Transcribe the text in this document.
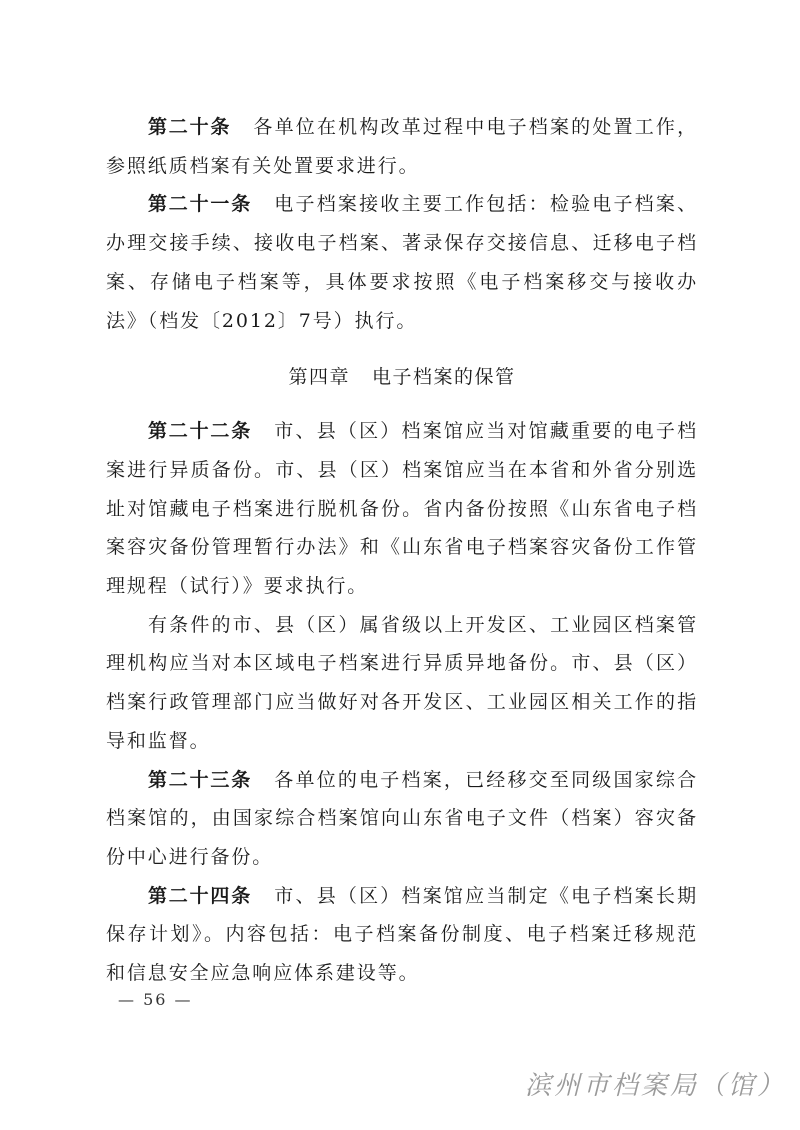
第二十条 各单位在机构改革过程中电子档案的处置工作，参照纸质档案有关处置要求进行。

第二十一条 电子档案接收主要工作包括：检验电子档案、办理交接手续、接收电子档案、著录保存交接信息、迁移电子档案、存储电子档案等，具体要求按照《电子档案移交与接收办法》（档发〔2012〕7号）执行。

第四章 电子档案的保管

第二十二条 市、县（区）档案馆应当对馆藏重要的电子档案进行异质备份。市、县（区）档案馆应当在本省和外省分别选址对馆藏电子档案进行脱机备份。省内备份按照《山东省电子档案容灾备份管理暂行办法》和《山东省电子档案容灾备份工作管理规程（试行）》要求执行。

有条件的市、县（区）属省级以上开发区、工业园区档案管理机构应当对本区域电子档案进行异质异地备份。市、县（区）档案行政管理部门应当做好对各开发区、工业园区相关工作的指导和监督。

第二十三条 各单位的电子档案，已经移交至同级国家综合档案馆的，由国家综合档案馆向山东省电子文件（档案）容灾备份中心进行备份。

第二十四条 市、县（区）档案馆应当制定《电子档案长期保存计划》。内容包括：电子档案备份制度、电子档案迁移规范和信息安全应急响应体系建设等。

— 56 —
滨州市档案局（馆）
